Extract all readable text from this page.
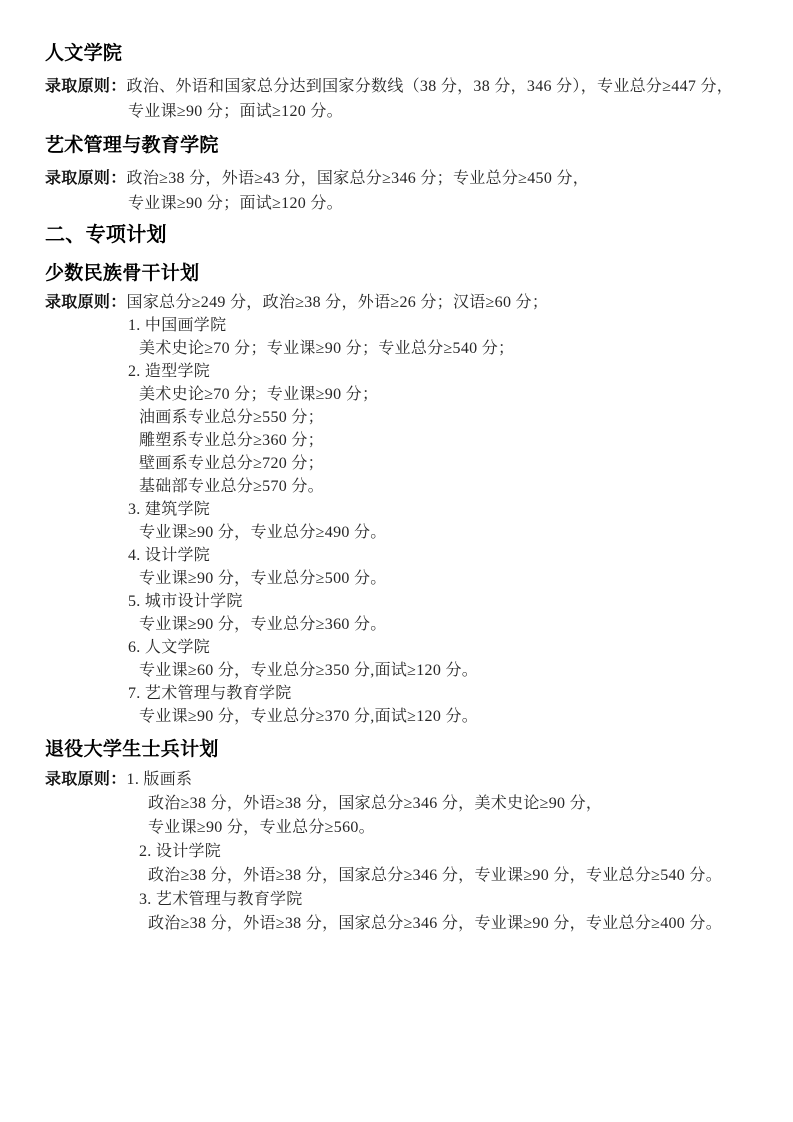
人文学院
录取原则： 政治、外语和国家总分达到国家分数线（38 分，38 分，346 分），专业总分≥447 分，
专业课≥90 分；面试≥120 分。
艺术管理与教育学院
录取原则： 政治≥38 分，外语≥43 分，国家总分≥346 分；专业总分≥450 分，
专业课≥90 分；面试≥120 分。
二、专项计划
少数民族骨干计划
录取原则： 国家总分≥249 分，政治≥38 分，外语≥26 分；汉语≥60 分；
1. 中国画学院
美术史论≥70 分；专业课≥90 分；专业总分≥540 分；
2. 造型学院
美术史论≥70 分；专业课≥90 分；
油画系专业总分≥550 分；
雕塑系专业总分≥360 分；
壁画系专业总分≥720 分；
基础部专业总分≥570 分。
3. 建筑学院
专业课≥90 分，专业总分≥490 分。
4. 设计学院
专业课≥90 分，专业总分≥500 分。
5. 城市设计学院
专业课≥90 分，专业总分≥360 分。
6. 人文学院
专业课≥60 分，专业总分≥350 分,面试≥120 分。
7. 艺术管理与教育学院
专业课≥90 分，专业总分≥370 分,面试≥120 分。
退役大学生士兵计划
录取原则： 1. 版画系
政治≥38 分，外语≥38 分，国家总分≥346 分，美术史论≥90 分，
专业课≥90 分，专业总分≥560。
2. 设计学院
政治≥38 分，外语≥38 分，国家总分≥346 分，专业课≥90 分，专业总分≥540 分。
3. 艺术管理与教育学院
政治≥38 分，外语≥38 分，国家总分≥346 分，专业课≥90 分，专业总分≥400 分。
